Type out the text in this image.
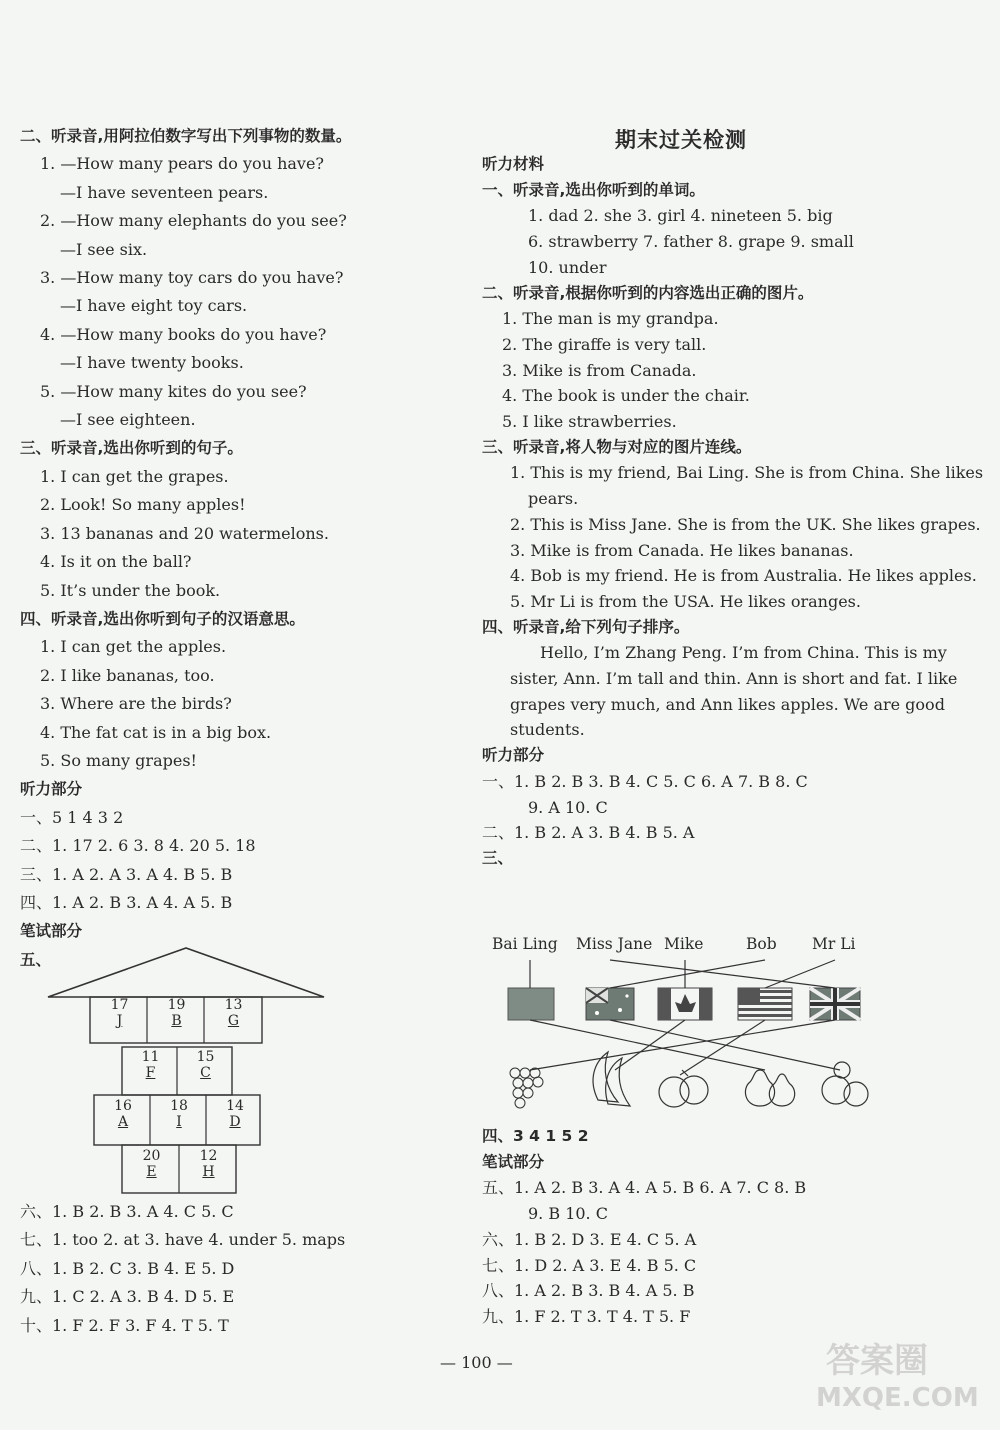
二、听录音,用阿拉伯数字写出下列事物的数量。
1. —How many pears do you have?
—I have seventeen pears.
2. —How many elephants do you see?
—I see six.
3. —How many toy cars do you have?
—I have eight toy cars.
4. —How many books do you have?
—I have twenty books.
5. —How many kites do you see?
—I see eighteen.
三、听录音,选出你听到的句子。
1. I can get the grapes.
2. Look! So many apples!
3. 13 bananas and 20 watermelons.
4. Is it on the ball?
5. It’s under the book.
四、听录音,选出你听到句子的汉语意思。
1. I can get the apples.
2. I like bananas, too.
3. Where are the birds?
4. The fat cat is in a big box.
5. So many grapes!
听力部分
一、5 1 4 3 2
二、1. 17 2. 6 3. 8 4. 20 5. 18
三、1. A 2. A 3. A 4. B 5. B
四、1. A 2. B 3. A 4. A 5. B
笔试部分
五、
17
J
19
B
13
G
11
F
15
C
16
A
18
I
14
D
20
E
12
H
六、1. B 2. B 3. A 4. C 5. C
七、1. too 2. at 3. have 4. under 5. maps
八、1. B 2. C 3. B 4. E 5. D
九、1. C 2. A 3. B 4. D 5. E
十、1. F 2. F 3. F 4. T 5. T
期末过关检测
听力材料
一、听录音,选出你听到的单词。
1. dad 2. she 3. girl 4. nineteen 5. big
6. strawberry 7. father 8. grape 9. small
10. under
二、听录音,根据你听到的内容选出正确的图片。
1. The man is my grandpa.
2. The giraffe is very tall.
3. Mike is from Canada.
4. The book is under the chair.
5. I like strawberries.
三、听录音,将人物与对应的图片连线。
1. This is my friend, Bai Ling. She is from China. She likes pears.
2. This is Miss Jane. She is from the UK. She likes grapes.
3. Mike is from Canada. He likes bananas.
4. Bob is my friend. He is from Australia. He likes apples.
5. Mr Li is from the USA. He likes oranges.
四、听录音,给下列句子排序。
Hello, I’m Zhang Peng. I’m from China. This is my sister, Ann. I’m tall and thin. Ann is short and fat. I like grapes very much, and Ann likes apples. We are good students.
听力部分
一、1. B 2. B 3. B 4. C 5. C 6. A 7. B 8. C
9. A 10. C
二、1. B 2. A 3. B 4. B 5. A
三、
Bai Ling Miss Jane Mike	Bob Mr Li
四、3 4 1 5 2
笔试部分
五、1. A 2. B 3. A 4. A 5. B 6. A 7. C 8. B
9. B 10. C
六、1. B 2. D 3. E 4. C 5. A
七、1. D 2. A 3. E 4. B 5. C
八、1. A 2. B 3. B 4. A 5. B
九、1. F 2. T 3. T 4. T 5. F
— 100 —	答案圈
MXQE.COM
